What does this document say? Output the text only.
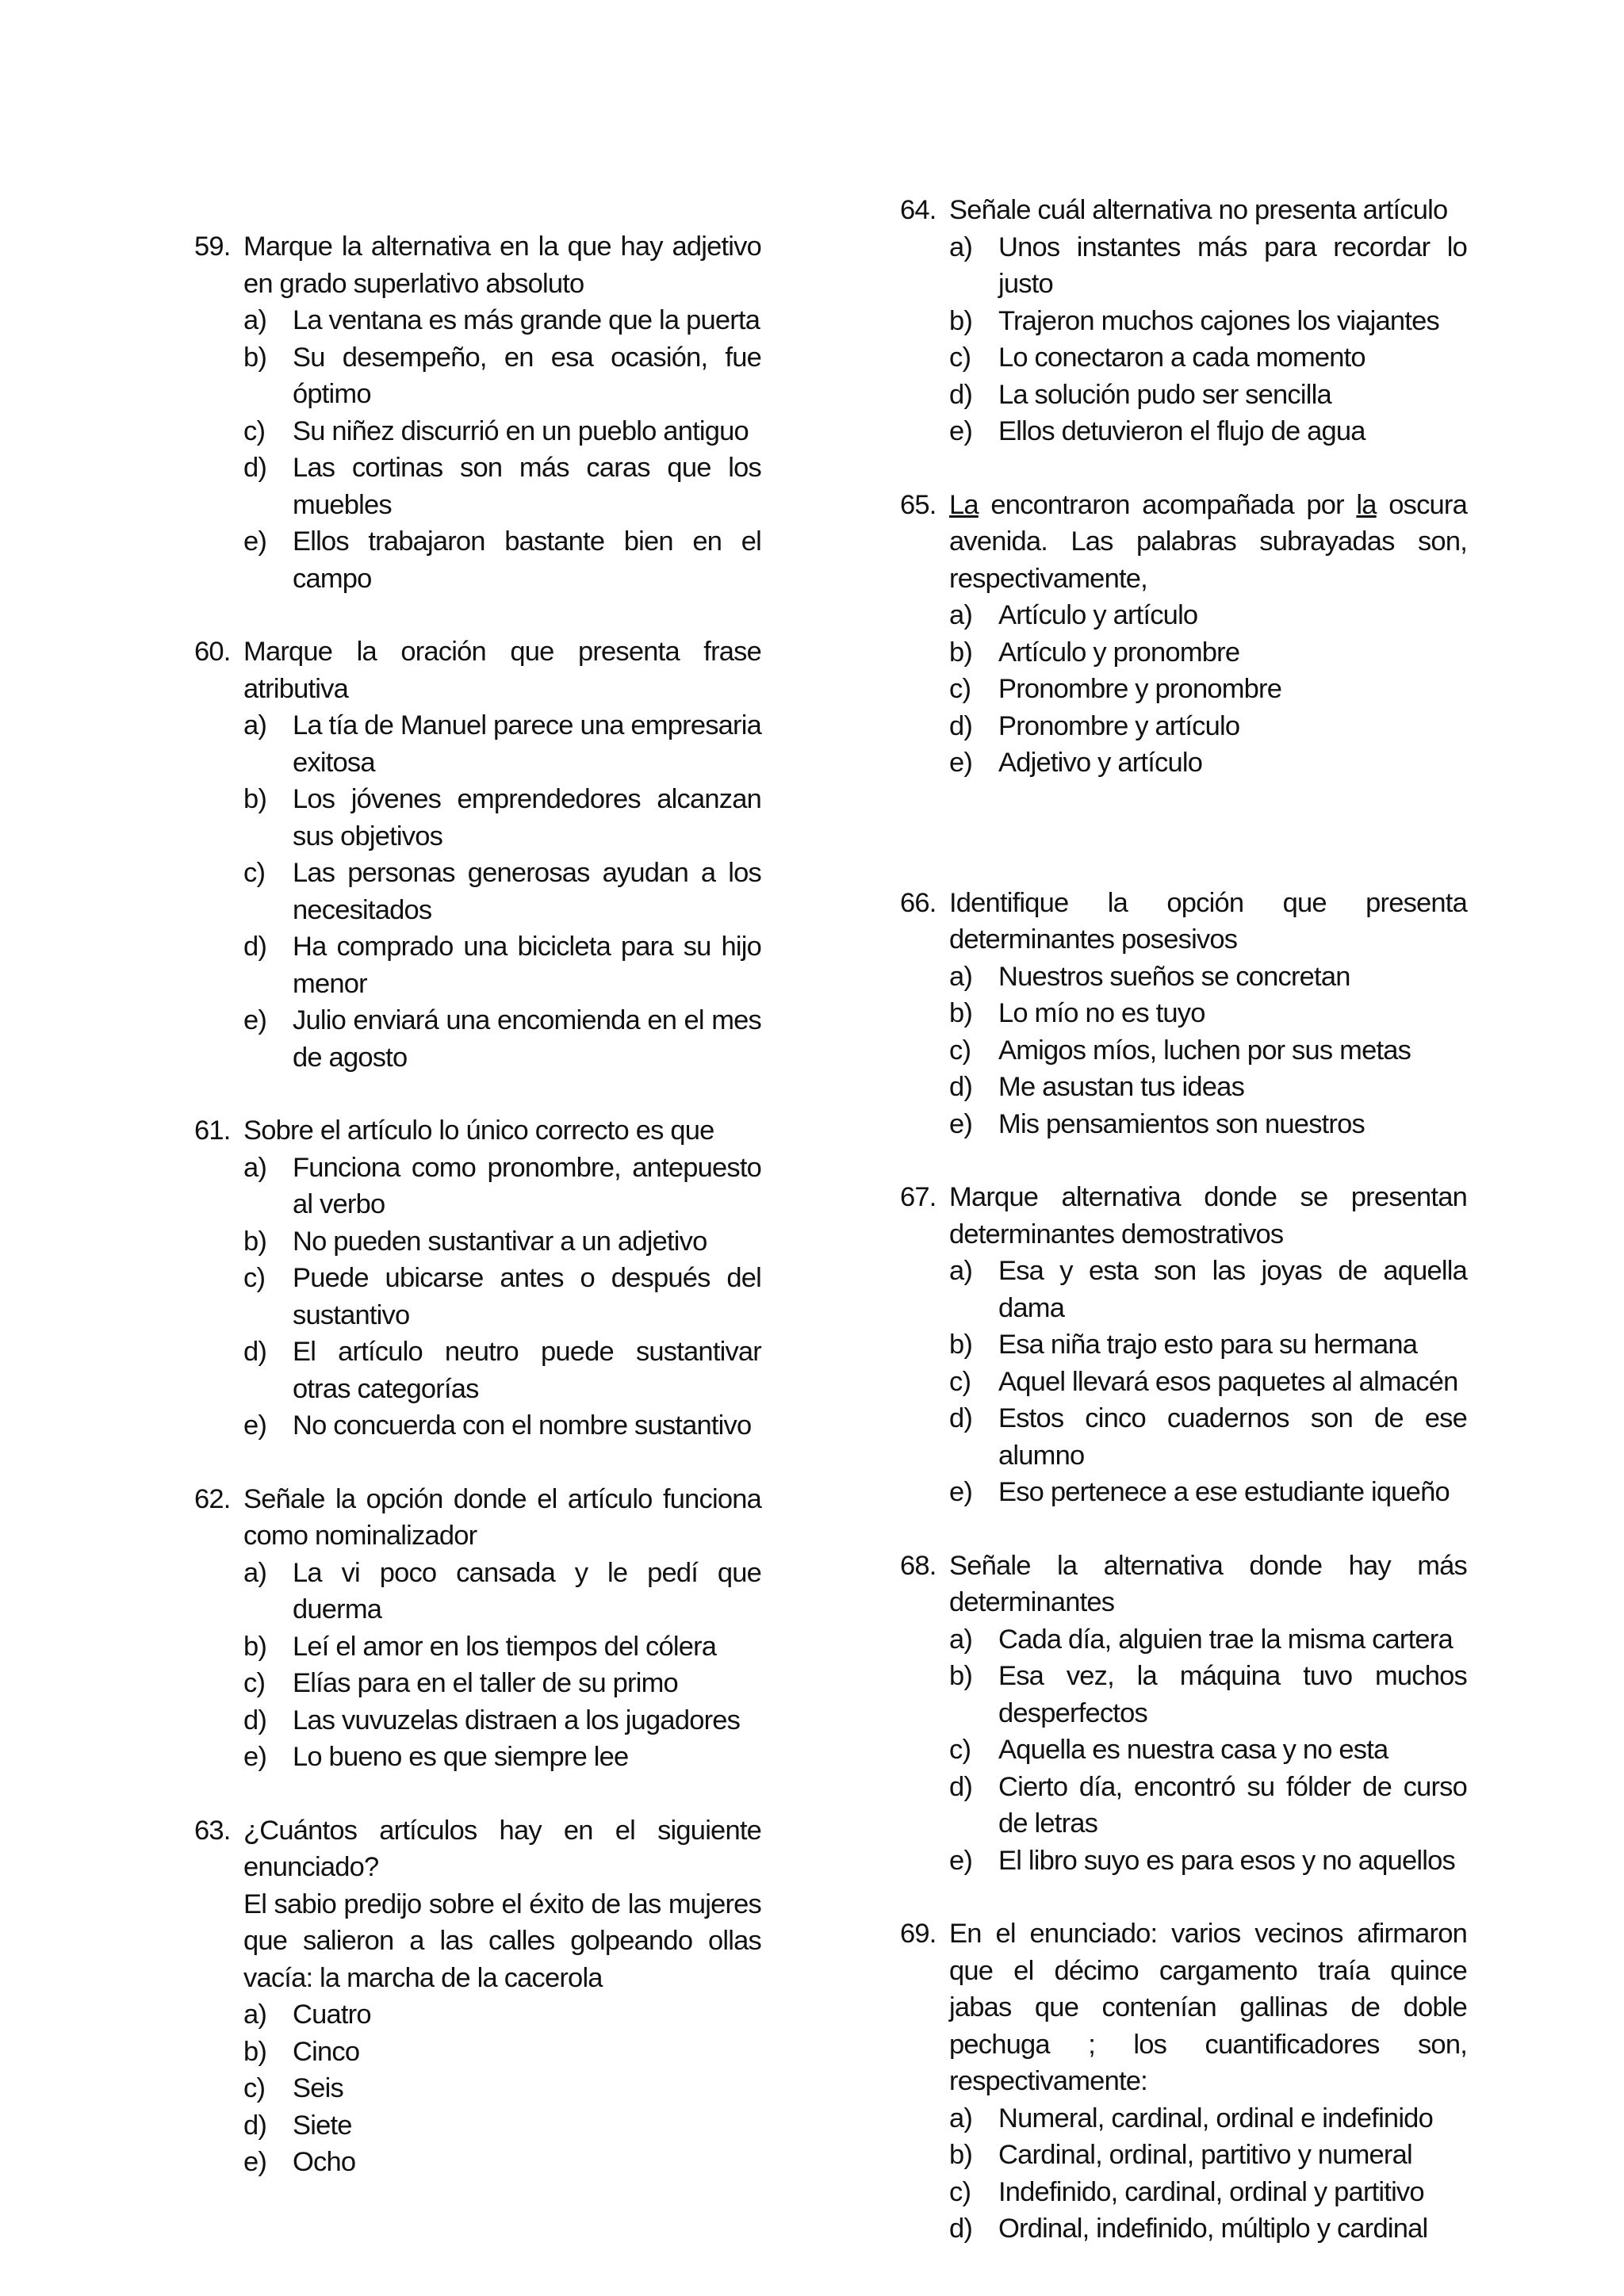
59. Marque la alternativa en la que hay adjetivo en grado superlativo absoluto
a) La ventana es más grande que la puerta
b) Su desempeño, en esa ocasión, fue óptimo
c)	Su niñez discurrió en un pueblo antiguo
d) Las cortinas son más caras que los muebles
e) Ellos trabajaron bastante bien en el campo
60. Marque la oración que presenta frase atributiva
a) La tía de Manuel parece una empresaria exitosa
b) Los jóvenes emprendedores alcanzan sus objetivos
c)	Las personas generosas ayudan a los necesitados
d) Ha comprado una bicicleta para su hijo menor
e) Julio enviará una encomienda en el mes de agosto
61. Sobre el artículo lo único correcto es que
a) Funciona como pronombre, antepuesto al verbo
b) No pueden sustantivar a un adjetivo
c)	Puede ubicarse antes o después del sustantivo
d) El artículo neutro puede sustantivar otras categorías
e) No concuerda con el nombre sustantivo
62. Señale la opción donde el artículo funciona como nominalizador
a) La vi poco cansada y le pedí que duerma
b) Leí el amor en los tiempos del cólera
c)	Elías para en el taller de su primo
d) Las vuvuzelas distraen a los jugadores
e) Lo bueno es que siempre lee
63. ¿Cuántos artículos hay en el siguiente enunciado?
El sabio predijo sobre el éxito de las mujeres que salieron a las calles golpeando ollas vacía: la marcha de la cacerola
a) Cuatro
b) Cinco
c)	Seis
d) Siete
e) Ocho
64. Señale cuál alternativa no presenta artículo
a) Unos instantes más para recordar lo justo
b) Trajeron muchos cajones los viajantes
c)	Lo conectaron a cada momento
d) La solución pudo ser sencilla
e) Ellos detuvieron el flujo de agua
65. La encontraron acompañada por la oscura avenida. Las palabras subrayadas son, respectivamente,
a) Artículo y artículo
b) Artículo y pronombre
c)	Pronombre y pronombre
d) Pronombre y artículo
e) Adjetivo y artículo
66. Identifique la opción que presenta determinantes posesivos
a) Nuestros sueños se concretan
b) Lo mío no es tuyo
c)	Amigos míos, luchen por sus metas
d) Me asustan tus ideas
e) Mis pensamientos son nuestros
67. Marque alternativa donde se presentan determinantes demostrativos
a) Esa y esta son las joyas de aquella dama
b) Esa niña trajo esto para su hermana
c)	Aquel llevará esos paquetes al almacén
d) Estos cinco cuadernos son de ese alumno
e) Eso pertenece a ese estudiante iqueño
68. Señale la alternativa donde hay más determinantes
a) Cada día, alguien trae la misma cartera
b) Esa vez, la máquina tuvo muchos desperfectos
c)	Aquella es nuestra casa y no esta
d) Cierto día, encontró su fólder de curso de letras
e) El libro suyo es para esos y no aquellos
69. En el enunciado: varios vecinos afirmaron que el décimo cargamento traía quince jabas que contenían gallinas de doble pechuga ; los cuantificadores son, respectivamente:
a) Numeral, cardinal, ordinal e indefinido
b) Cardinal, ordinal, partitivo y numeral
c)	Indefinido, cardinal, ordinal y partitivo
d) Ordinal, indefinido, múltiplo y cardinal
